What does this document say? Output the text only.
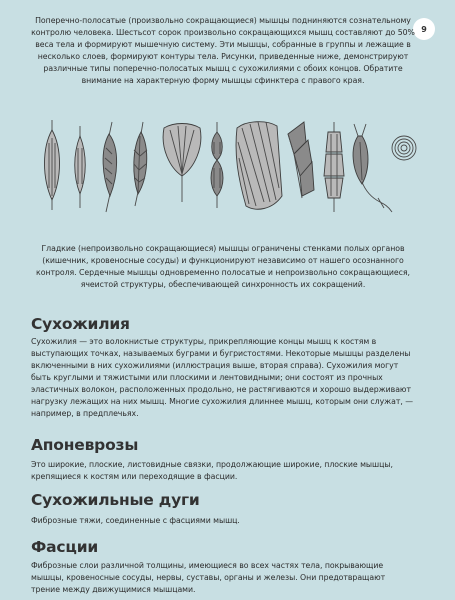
9

Поперечно-полосатые (произвольно сокращающиеся) мышцы подниняются сознательному контролю человека. Шестьсот сорок произвольно сокращающихся мышц составляют до 50% веса тела и формируют мышечную систему. Эти мышцы, собранные в группы и лежащие в несколько слоев, формируют контуры тела. Рисунки, приведенные ниже, демонстрируют различные типы поперечно-полосатых мышц с сухожилиями с обоих концов. Обратите внимание на характерную форму мышцы сфинктера с правого края.

Гладкие (непроизвольно сокращающиеся) мышцы ограничены стенками полых органов (кишечник, кровеносные сосуды) и функционируют независимо от нашего осознанного контроля. Сердечные мышцы одновременно полосатые и непроизвольно сокращающиеся, ячеистой структуры, обеспечивающей синхронность их сокращений.

Сухожилия

Сухожилия — это волокнистые структуры, прикрепляющие концы мышц к костям в выступающих точках, называемых буграми и бугристостями. Некоторые мышцы разделены включенными в них сухожилиями (иллюстрация выше, вторая справа). Сухожилия могут быть круглыми и тяжистыми или плоскими и лентовидными; они состоят из прочных эластичных волокон, расположенных продольно, не растягиваются и хорошо выдерживают нагрузку лежащих на них мышц. Многие сухожилия длиннее мышц, которым они служат, — например, в предплечьях.

Апоневрозы

Это широкие, плоские, листовидные связки, продолжающие широкие, плоские мышцы, крепящиеся к костям или переходящие в фасции.

Сухожильные дуги

Фиброзные тяжи, соединенные с фасциями мышц.

Фасции

Фиброзные слои различной толщины, имеющиеся во всех частях тела, покрывающие мышцы, кровеносные сосуды, нервы, суставы, органы и железы. Они предотвращают трение между движущимися мышцами.
